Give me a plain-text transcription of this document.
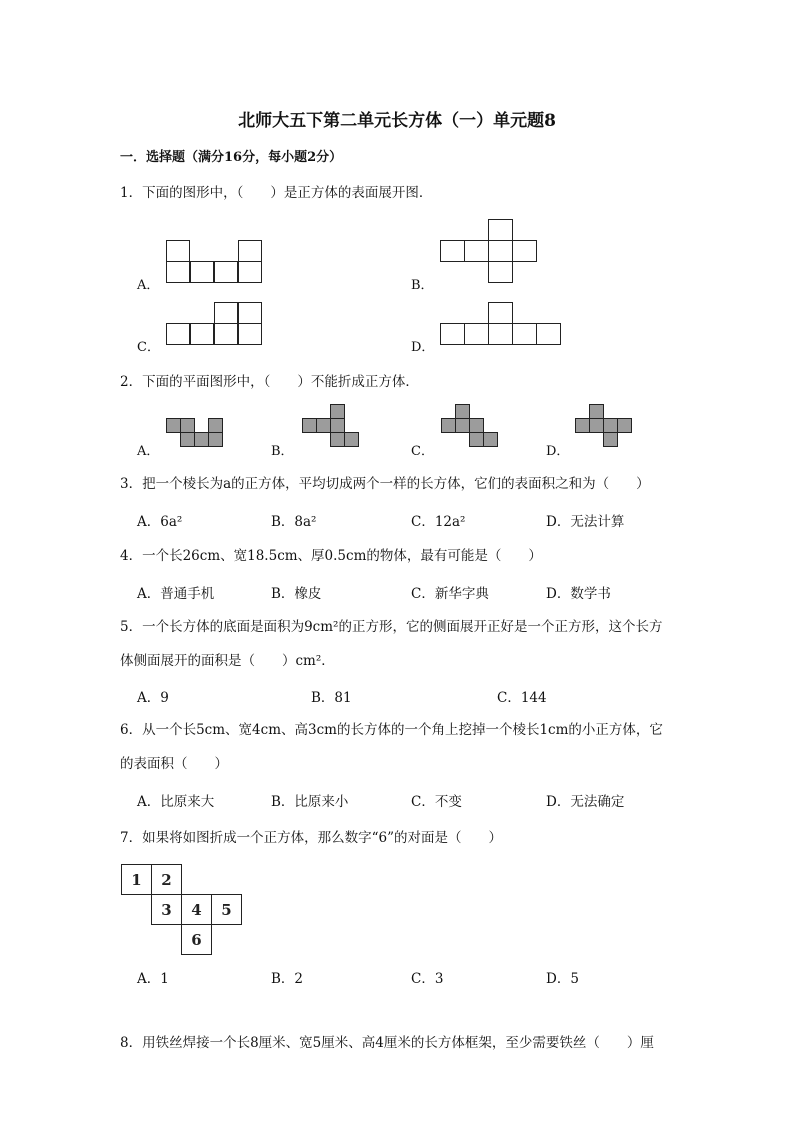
北师大五下第二单元长方体（一）单元题8
一．选择题（满分16分，每小题2分）
1．下面的图形中，（　　）是正方体的表面展开图．
A．	B．
C．	D．
2．下面的平面图形中，（　　）不能折成正方体．
A．	B．	C．	D．
3．把一个棱长为a的正方体，平均切成两个一样的长方体，它们的表面积之和为（　　）
A．6a²	B．8a²	C．12a²	D．无法计算
4．一个长26cm、宽18.5cm、厚0.5cm的物体，最有可能是（　　）
A．普通手机	B．橡皮	C．新华字典	D．数学书
5．一个长方体的底面是面积为9cm²的正方形，它的侧面展开正好是一个正方形，这个长方
体侧面展开的面积是（　　）cm²．
A．9	B．81	C．144
6．从一个长5cm、宽4cm、高3cm的长方体的一个角上挖掉一个棱长1cm的小正方体，它
的表面积（　　）
A．比原来大	B．比原来小	C．不变	D．无法确定
7．如果将如图折成一个正方体，那么数字“6”的对面是（　　）
1 2
3 4 5
6
A．1	B．2	C．3	D．5
8．用铁丝焊接一个长8厘米、宽5厘米、高4厘米的长方体框架，至少需要铁丝（　　）厘
